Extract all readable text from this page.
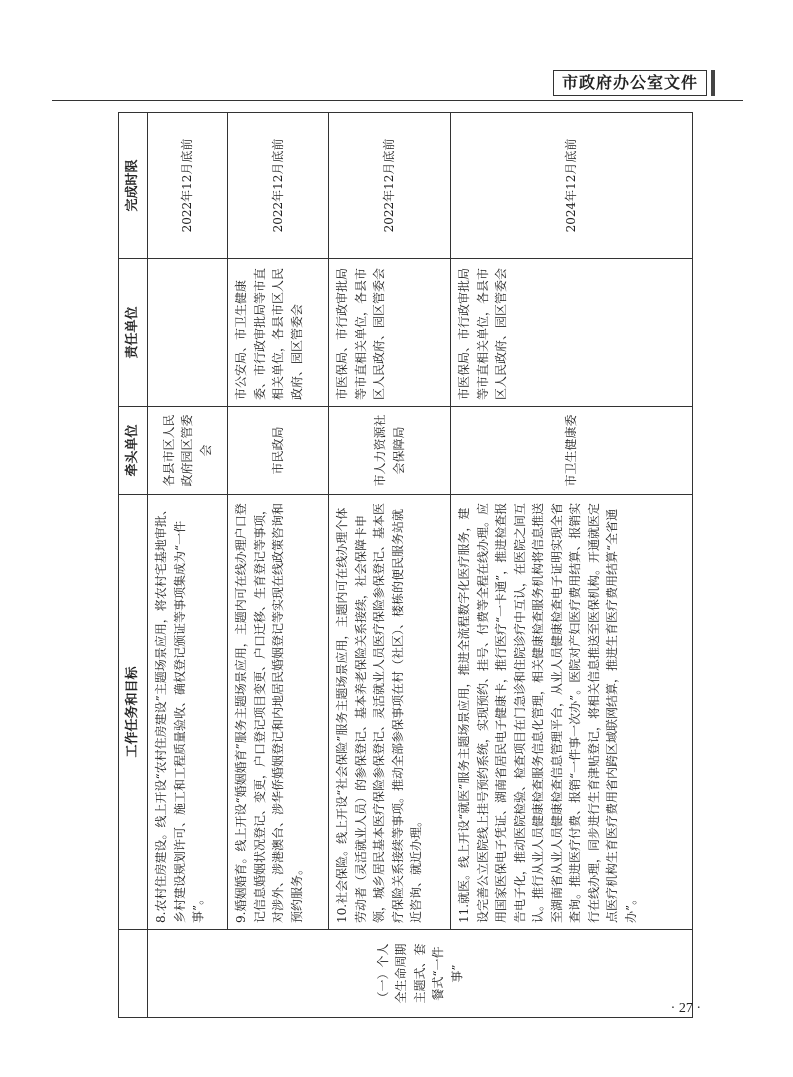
市政府办公室文件
	工作任务和目标	牵头单位	责任单位	完成时限
（一）个人全生命周期主题式、套餐式“一件事”	8.农村住房建设。线上开设“农村住房建设”主题场景应用，将农村宅基地审批、乡村建设规划许可、施工和工程质量验收、确权登记颁证等事项集成为“一件事”。	各县市区人民政府园区管委会		2022年12月底前
	9.婚姻婚育。线上开设“婚姻婚育”服务主题场景应用，主题内可在线办理户口登记信息婚姻状况登记、变更，户口登记项目变更、户口迁移、生育登记等事项，对涉外、涉港澳台、涉华侨婚姻登记和内地居民婚姻登记等实现在线政策咨询和预约服务。	市民政局	市公安局、市卫生健康委、市行政审批局等市直相关单位，各县市区人民政府、园区管委会	2022年12月底前
	10.社会保险。线上开设“社会保险”服务主题场景应用，主题内可在线办理个体劳动者（灵活就业人员）的参保登记、基本养老保险关系接续，社会保障卡申领，城乡居民基本医疗保险参保登记、灵活就业人员医疗保险参保登记、基本医疗保险关系接续等事项。推动全部参保事项在村（社区）、楼栋的便民服务站就近咨询、就近办理。	市人力资源社会保障局	市医保局、市行政审批局等市直相关单位，各县市区人民政府、园区管委会	2022年12月底前
	11.就医。线上开设“就医”服务主题场景应用，推进全流程数字化医疗服务，建设完善公立医院线上挂号预约系统，实现预约、挂号、付费等全程在线办理。应用国家医保电子凭证、湖南省居民电子健康卡，推行医疗“一卡通”，推进检查报告电子化，推动医院检验、检查项目在门急诊和住院诊疗中互认，在医院之间互认。推行从业人员健康检查服务信息化管理，相关健康检查服务机构将信息推送至湖南省从业人员健康检查信息管理平台，从业人员健康检查电子证明实现全省查询。推进医疗付费、报销“一件事一次办”。医院对产妇医疗费用结算、报销实行在线办理，同步进行生育津贴登记，将相关信息推送至医保机构。开通就医定点医疗机构生育医疗费用省内跨区域联网结算，推进生育医疗费用结算“全省通办”。	市卫生健康委	市医保局、市行政审批局等市直相关单位，各县市区人民政府、园区管委会	2024年12月底前
· 27 ·
